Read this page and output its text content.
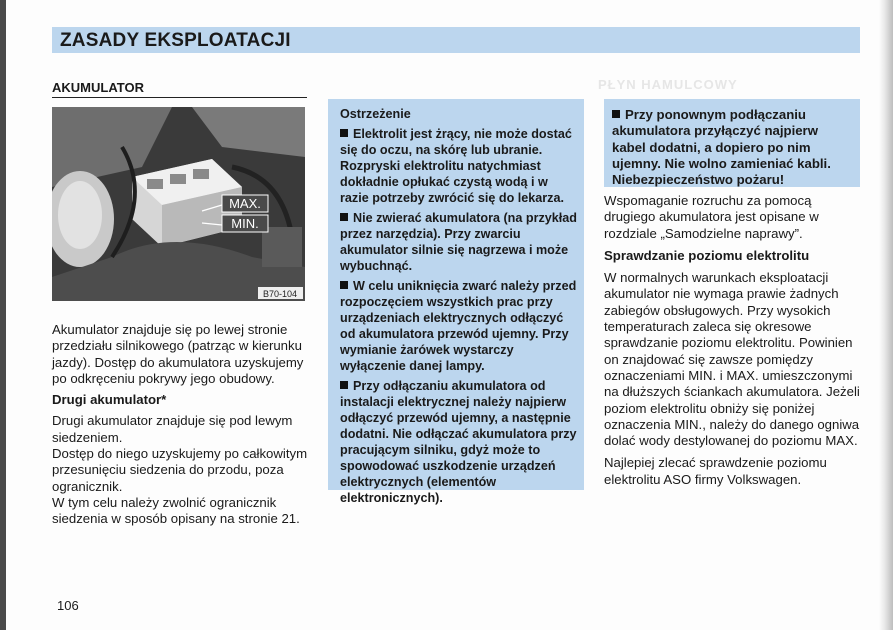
ZASADY EKSPLOATACJI
PŁYN HAMULCOWY
AKUMULATOR
MAX.
MIN.
B70-104

Akumulator znajduje się po lewej stronie przedziału silnikowego (patrząc w kierunku jazdy). Dostęp do akumulatora uzyskujemy po odkręceniu pokrywy jego obudowy.

Drugi akumulator*

Drugi akumulator znajduje się pod lewym siedzeniem.

Dostęp do niego uzyskujemy po całkowitym przesunięciu siedzenia do przodu, poza ogranicznik.

W tym celu należy zwolnić ogranicznik siedzenia w sposób opisany na stronie 21.

Ostrzeżenie

Elektrolit jest żrący, nie może dostać się do oczu, na skórę lub ubranie. Rozpryski elektrolitu natychmiast dokładnie opłukać czystą wodą i w razie potrzeby zwrócić się do lekarza.

Nie zwierać akumulatora (na przykład przez narzędzia). Przy zwarciu akumulator silnie się nagrzewa i może wybuchnąć.

W celu uniknięcia zwarć należy przed rozpoczęciem wszystkich prac przy urządzeniach elektrycznych odłączyć od akumulatora przewód ujemny. Przy wymianie żarówek wystarczy wyłączenie danej lampy.

Przy odłączaniu akumulatora od instalacji elektrycznej należy najpierw odłączyć przewód ujemny, a następnie dodatni. Nie odłączać akumulatora przy pracującym silniku, gdyż może to spowodować uszkodzenie urządzeń elektrycznych (elementów elektronicznych).

Przy ponownym podłączaniu akumulatora przyłączyć najpierw kabel dodatni, a dopiero po nim ujemny. Nie wolno zamieniać kabli. Niebezpieczeństwo pożaru!

Wspomaganie rozruchu za pomocą drugiego akumulatora jest opisane w rozdziale „Samodzielne naprawy”.

Sprawdzanie poziomu elektrolitu

W normalnych warunkach eksploatacji akumulator nie wymaga prawie żadnych zabiegów obsługowych. Przy wysokich temperaturach zaleca się okresowe sprawdzanie poziomu elektrolitu. Powinien on znajdować się zawsze pomiędzy oznaczeniami MIN. i MAX. umieszczonymi na dłuższych ściankach akumulatora. Jeżeli poziom elektrolitu obniży się poniżej oznaczenia MIN., należy do danego ogniwa dolać wody destylowanej do poziomu MAX.

Najlepiej zlecać sprawdzenie poziomu elektrolitu ASO firmy Volkswagen.

106
